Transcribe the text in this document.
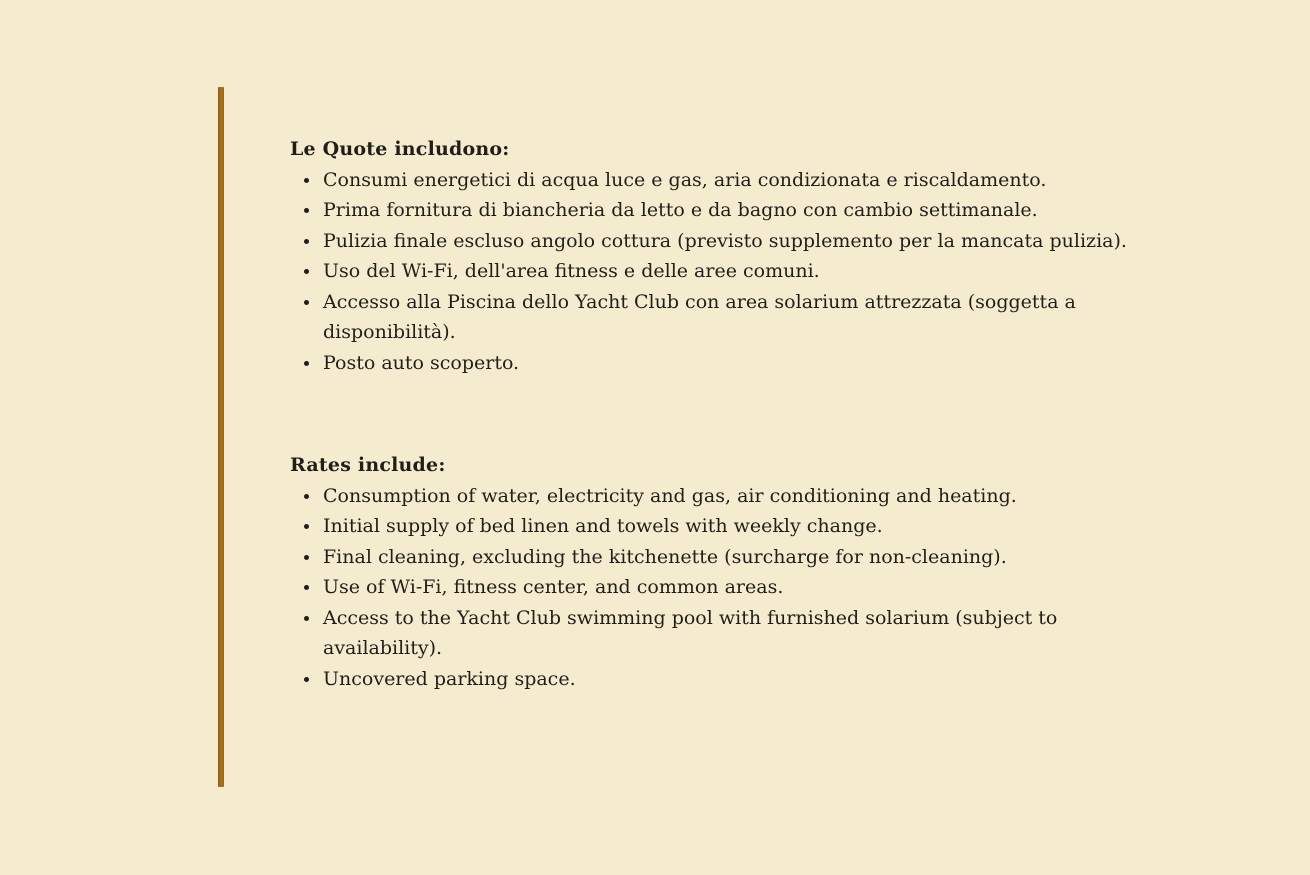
Le Quote includono:
Consumi energetici di acqua luce e gas, aria condizionata e riscaldamento.
Prima fornitura di biancheria da letto e da bagno con cambio settimanale.
Pulizia finale escluso angolo cottura (previsto supplemento per la mancata pulizia).
Uso del Wi-Fi, dell'area fitness e delle aree comuni.
Accesso alla Piscina dello Yacht Club con area solarium attrezzata (soggetta a disponibilità).
Posto auto scoperto.
Rates include:
Consumption of water, electricity and gas, air conditioning and heating.
Initial supply of bed linen and towels with weekly change.
Final cleaning, excluding the kitchenette (surcharge for non-cleaning).
Use of Wi-Fi, fitness center, and common areas.
Access to the Yacht Club swimming pool with furnished solarium (subject to availability).
Uncovered parking space.
